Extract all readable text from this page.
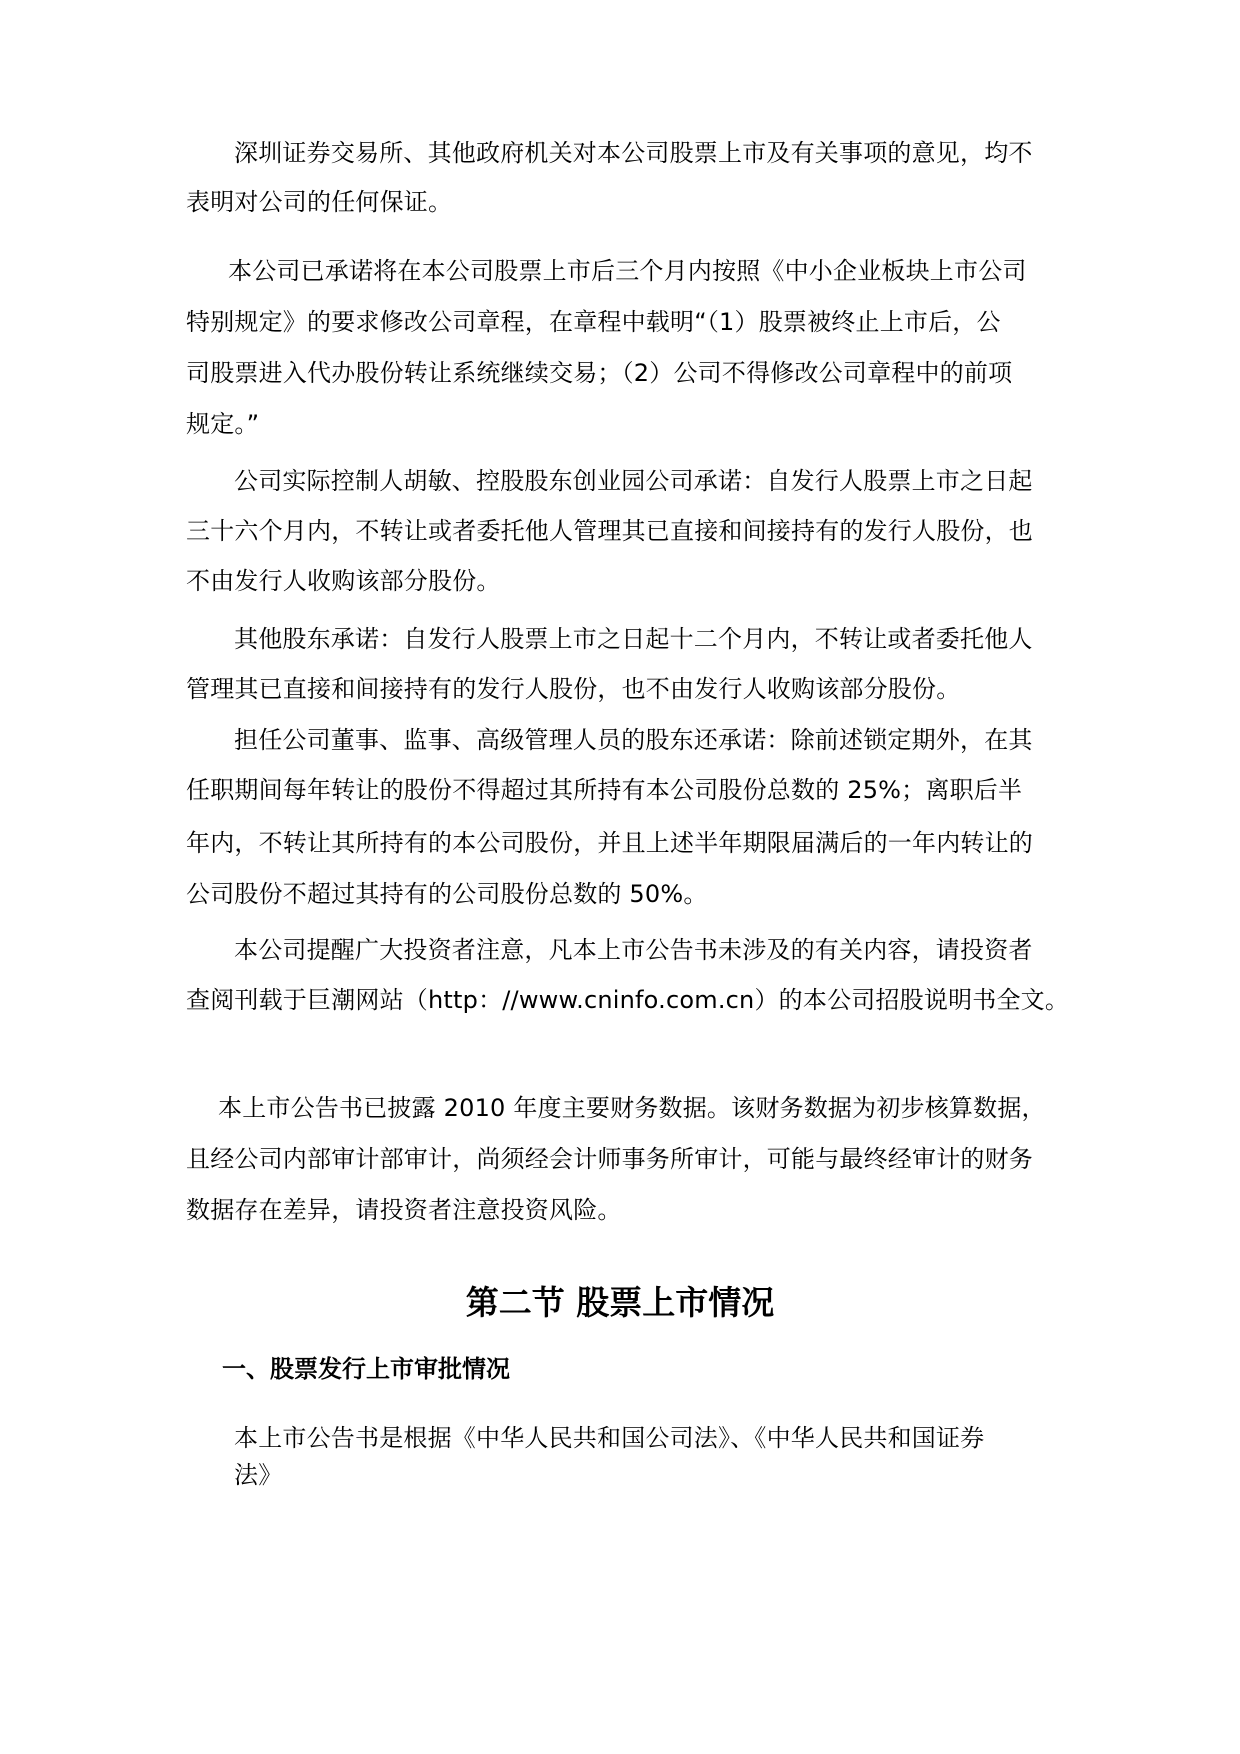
深圳证券交易所、其他政府机关对本公司股票上市及有关事项的意见，均不
表明对公司的任何保证。
本公司已承诺将在本公司股票上市后三个月内按照《中小企业板块上市公司
特别规定》的要求修改公司章程，在章程中载明“（1）股票被终止上市后，公
司股票进入代办股份转让系统继续交易；（2）公司不得修改公司章程中的前项
规定。”
公司实际控制人胡敏、控股股东创业园公司承诺：自发行人股票上市之日起
三十六个月内，不转让或者委托他人管理其已直接和间接持有的发行人股份，也
不由发行人收购该部分股份。
其他股东承诺：自发行人股票上市之日起十二个月内，不转让或者委托他人
管理其已直接和间接持有的发行人股份，也不由发行人收购该部分股份。
担任公司董事、监事、高级管理人员的股东还承诺：除前述锁定期外，在其
任职期间每年转让的股份不得超过其所持有本公司股份总数的 25%；离职后半
年内，不转让其所持有的本公司股份，并且上述半年期限届满后的一年内转让的
公司股份不超过其持有的公司股份总数的 50%。
本公司提醒广大投资者注意，凡本上市公告书未涉及的有关内容，请投资者
查阅刊载于巨潮网站（http：//www.cninfo.com.cn）的本公司招股说明书全文。
本上市公告书已披露 2010 年度主要财务数据。该财务数据为初步核算数据，
且经公司内部审计部审计，尚须经会计师事务所审计，可能与最终经审计的财务
数据存在差异，请投资者注意投资风险。
第二节 股票上市情况
一、股票发行上市审批情况
本上市公告书是根据《中华人民共和国公司法》、《中华人民共和国证券
法》
